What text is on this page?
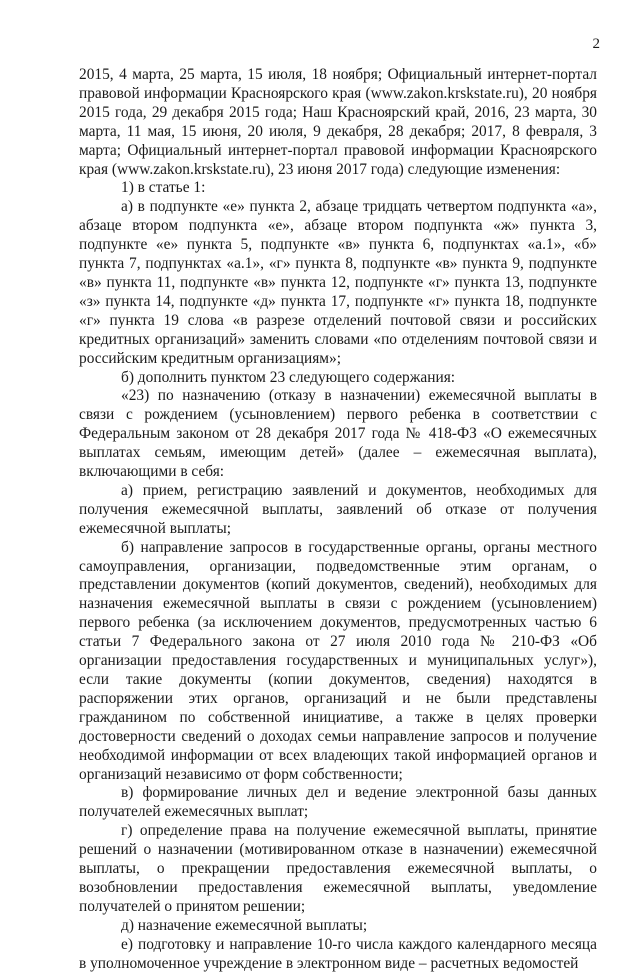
2

2015, 4 марта, 25 марта, 15 июля, 18 ноября; Официальный интернет-портал правовой информации Красноярского края (www.zakon.krskstate.ru), 20 ноября 2015 года, 29 декабря 2015 года; Наш Красноярский край, 2016, 23 марта, 30 марта, 11 мая, 15 июня, 20 июля, 9 декабря, 28 декабря; 2017, 8 февраля, 3 марта; Официальный интернет-портал правовой информации Красноярского края (www.zakon.krskstate.ru), 23 июня 2017 года) следующие изменения:

1) в статье 1:

а) в подпункте «е» пункта 2, абзаце тридцать четвертом подпункта «а», абзаце втором подпункта «е», абзаце втором подпункта «ж» пункта 3, подпункте «е» пункта 5, подпункте «в» пункта 6, подпунктах «а.1», «б» пункта 7, подпунктах «а.1», «г» пункта 8, подпункте «в» пункта 9, подпункте «в» пункта 11, подпункте «в» пункта 12, подпункте «г» пункта 13, подпункте «з» пункта 14, подпункте «д» пункта 17, подпункте «г» пункта 18, подпункте «г» пункта 19 слова «в разрезе отделений почтовой связи и российских кредитных организаций» заменить словами «по отделениям почтовой связи и российским кредитным организациям»;

б) дополнить пунктом 23 следующего содержания:

«23) по назначению (отказу в назначении) ежемесячной выплаты в связи с рождением (усыновлением) первого ребенка в соответствии с Федеральным законом от 28 декабря 2017 года № 418-ФЗ «О ежемесячных выплатах семьям, имеющим детей» (далее – ежемесячная выплата), включающими в себя:

а) прием, регистрацию заявлений и документов, необходимых для получения ежемесячной выплаты, заявлений об отказе от получения ежемесячной выплаты;

б) направление запросов в государственные органы, органы местного самоуправления, организации, подведомственные этим органам, о представлении документов (копий документов, сведений), необходимых для назначения ежемесячной выплаты в связи с рождением (усыновлением) первого ребенка (за исключением документов, предусмотренных частью 6 статьи 7 Федерального закона от 27 июля 2010 года № 210-ФЗ «Об организации предоставления государственных и муниципальных услуг»), если такие документы (копии документов, сведения) находятся в распоряжении этих органов, организаций и не были представлены гражданином по собственной инициативе, а также в целях проверки достоверности сведений о доходах семьи направление запросов и получение необходимой информации от всех владеющих такой информацией органов и организаций независимо от форм собственности;

в) формирование личных дел и ведение электронной базы данных получателей ежемесячных выплат;

г) определение права на получение ежемесячной выплаты, принятие решений о назначении (мотивированном отказе в назначении) ежемесячной выплаты, о прекращении предоставления ежемесячной выплаты, о возобновлении предоставления ежемесячной выплаты, уведомление получателей о принятом решении;

д) назначение ежемесячной выплаты;

е) подготовку и направление 10-го числа каждого календарного месяца в уполномоченное учреждение в электронном виде – расчетных ведомостей
